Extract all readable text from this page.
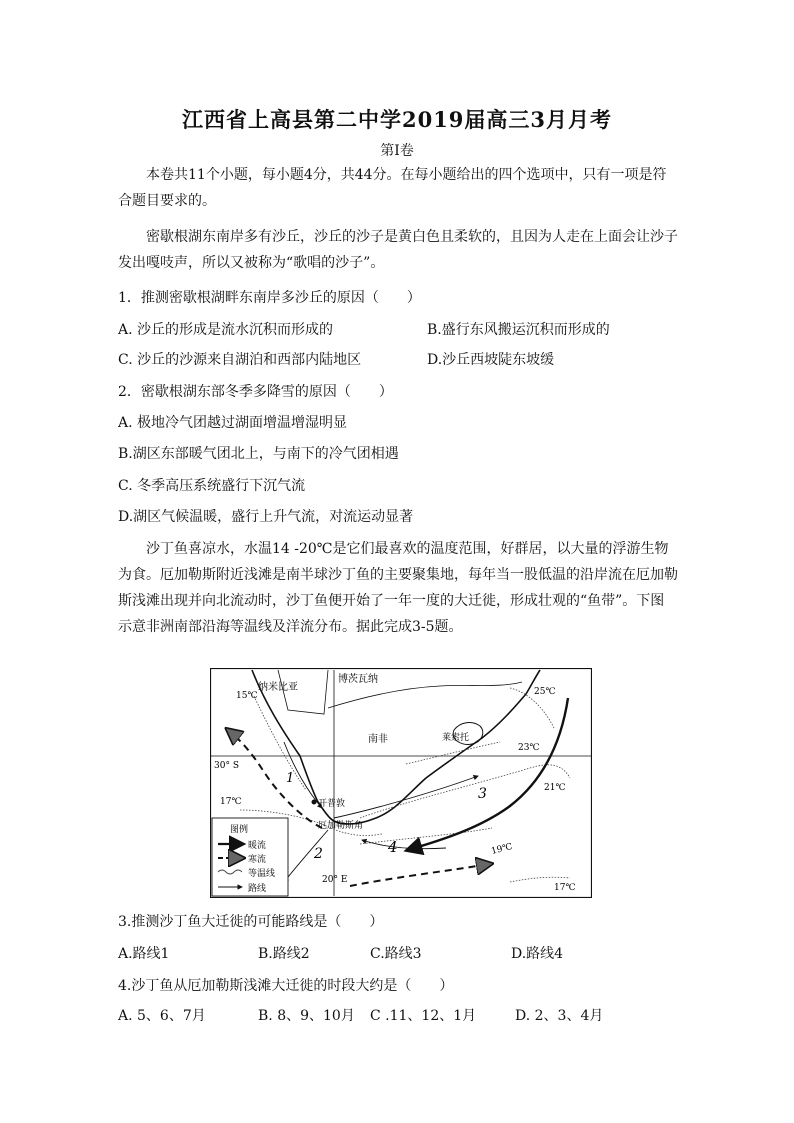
江西省上高县第二中学2019届高三3月月考
第Ⅰ卷

本卷共11个小题，每小题4分，共44分。在每小题给出的四个选项中，只有一项是符合题目要求的。

密歇根湖东南岸多有沙丘，沙丘的沙子是黄白色且柔软的，且因为人走在上面会让沙子发出嘎吱声，所以又被称为“歌唱的沙子”。

1．推测密歇根湖畔东南岸多沙丘的原因（　　）
A. 沙丘的形成是流水沉积而形成的	B.盛行东风搬运沉积而形成的
C. 沙丘的沙源来自湖泊和西部内陆地区	D.沙丘西坡陡东坡缓
2．密歇根湖东部冬季多降雪的原因（　　）
A. 极地冷气团越过湖面增温增湿明显
B.湖区东部暖气团北上，与南下的冷气团相遇
C. 冬季高压系统盛行下沉气流
D.湖区气候温暖，盛行上升气流，对流运动显著

沙丁鱼喜凉水，水温14 -20℃是它们最喜欢的温度范围，好群居，以大量的浮游生物为食。厄加勒斯附近浅滩是南半球沙丁鱼的主要聚集地，每年当一股低温的沿岸流在厄加勒斯浅滩出现并向北流动时，沙丁鱼便开始了一年一度的大迁徙，形成壮观的“鱼带”。下图示意非洲南部沿海等温线及洋流分布。据此完成3-5题。

纳米比亚
博茨瓦纳
南非	莱索托
开普敦
厄加勒斯角
30° S
20° E
15℃
17℃
25℃
23℃
21℃
19℃
17℃
1
2
3
4
图例
暖流
寒流
等温线
路线
3.推测沙丁鱼大迁徙的可能路线是（　　）
A.路线1	B.路线2	C.路线3	D.路线4
4.沙丁鱼从厄加勒斯浅滩大迁徙的时段大约是（　　）
A. 5、6、7月	B. 8、9、10月 C .11、12、1月	D. 2、3、4月
